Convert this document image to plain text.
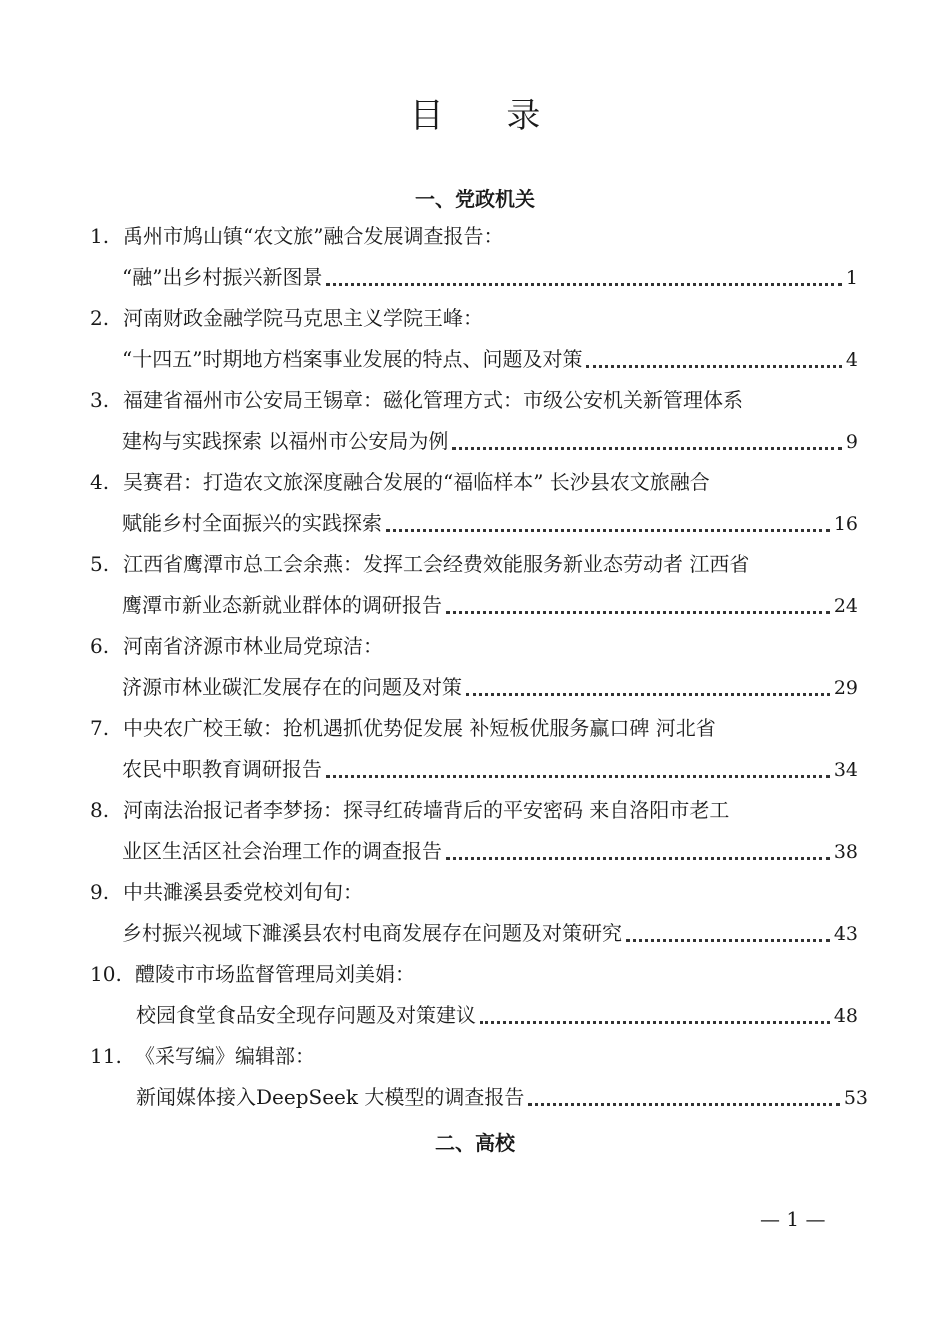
目 录
一、党政机关
1. 禹州市鸠山镇“农文旅”融合发展调查报告：
“融”出乡村振兴新图景	1
2. 河南财政金融学院马克思主义学院王峰：
“十四五”时期地方档案事业发展的特点、问题及对策	4
3. 福建省福州市公安局王锡章：磁化管理方式：市级公安机关新管理体系
建构与实践探索 以福州市公安局为例	9
4. 吴赛君：打造农文旅深度融合发展的“福临样本” 长沙县农文旅融合
赋能乡村全面振兴的实践探索	16
5. 江西省鹰潭市总工会余燕：发挥工会经费效能服务新业态劳动者 江西省
鹰潭市新业态新就业群体的调研报告	24
6. 河南省济源市林业局党琼洁：
济源市林业碳汇发展存在的问题及对策	29
7. 中央农广校王敏：抢机遇抓优势促发展 补短板优服务赢口碑 河北省
农民中职教育调研报告	34
8. 河南法治报记者李梦扬：探寻红砖墙背后的平安密码 来自洛阳市老工
业区生活区社会治理工作的调查报告	38
9. 中共濉溪县委党校刘旬旬：
乡村振兴视域下濉溪县农村电商发展存在问题及对策研究	43
10. 醴陵市市场监督管理局刘美娟：
校园食堂食品安全现存问题及对策建议	48
11. 《采写编》编辑部：
新闻媒体接入DeepSeek 大模型的调查报告	53
二、高校
— 1 —
